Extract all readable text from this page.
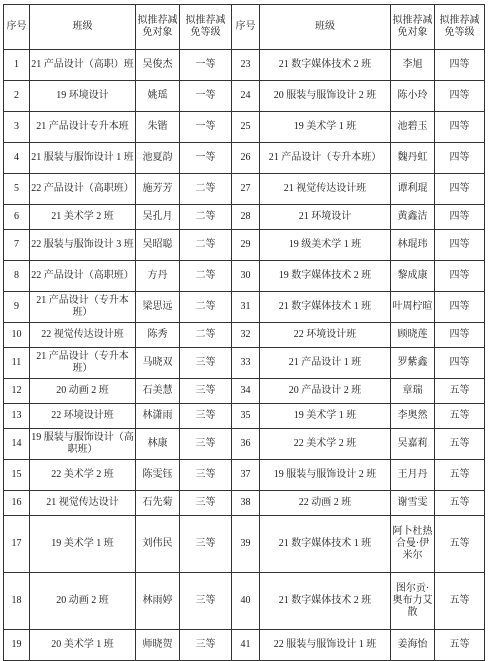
序号	班级	拟推荐减免对象	拟推荐减免等级	序号	班级	拟推荐减免对象	拟推荐减免等级
1	21 产品设计（高职）班	吴俊杰	一等	23	21 数字媒体技术 2 班	李旭	四等
2	19 环境设计	姚瑶	一等	24	20 服装与服饰设计 2 班	陈小玲	四等
3	21 产品设计专升本班	朱锴	一等	25	19 美术学 1 班	池碧玉	四等
4	21 服装与服饰设计 1 班	池夏韵	一等	26	21 产品设计（专升本班）	魏丹虹	四等
5	22 产品设计（高职班）	施芳芳	二等	27	21 视觉传达设计班	谭利琨	四等
6	21 美术学 2 班	吴孔月	二等	28	21 环境设计	黄鑫洁	四等
7	22 服装与服饰设计 3 班	吴昭聪	二等	29	19 级美术学 1 班	林琨玮	四等
8	22 产品设计（高职班）	方丹	二等	30	19 数字媒体技术 2 班	黎成康	四等
9	21 产品设计（专升本班）	梁思远	二等	31	21 数字媒体技术 1 班	叶周柠暄	四等
10	22 视觉传达设计班	陈秀	二等	32	22 环境设计班	顾晓莲	四等
11	21 产品设计（专升本班）	马晓双	三等	33	21 产品设计 1 班	罗紫鑫	四等
12	20 动画 2 班	石美慧	三等	34	20 产品设计 2 班	章瑞	五等
13	22 环境设计班	林潇雨	三等	35	19 美术学 1 班	李奥然	五等
14	19 服装与服饰设计（高职班）	林康	三等	36	22 美术学 2 班	吴嘉莉	五等
15	22 美术学 2 班	陈雯钰	三等	37	19 服装与服饰设计 2 班	王月丹	五等
16	21 视觉传达设计	石先菊	三等	38	22 动画 2 班	谢雪雯	五等
17	19 美术学 1 班	刘伟民	三等	39	21 数字媒体技术 1 班	阿卜杜热合曼·伊米尔	五等
18	20 动画 2 班	林雨婷	三等	40	21 数字媒体技术 2 班	图尔贡·奥布力艾散	五等
19	20 美术学 1 班	师晓贺	三等	41	22 服装与服饰设计 1 班	姜海怡	五等
